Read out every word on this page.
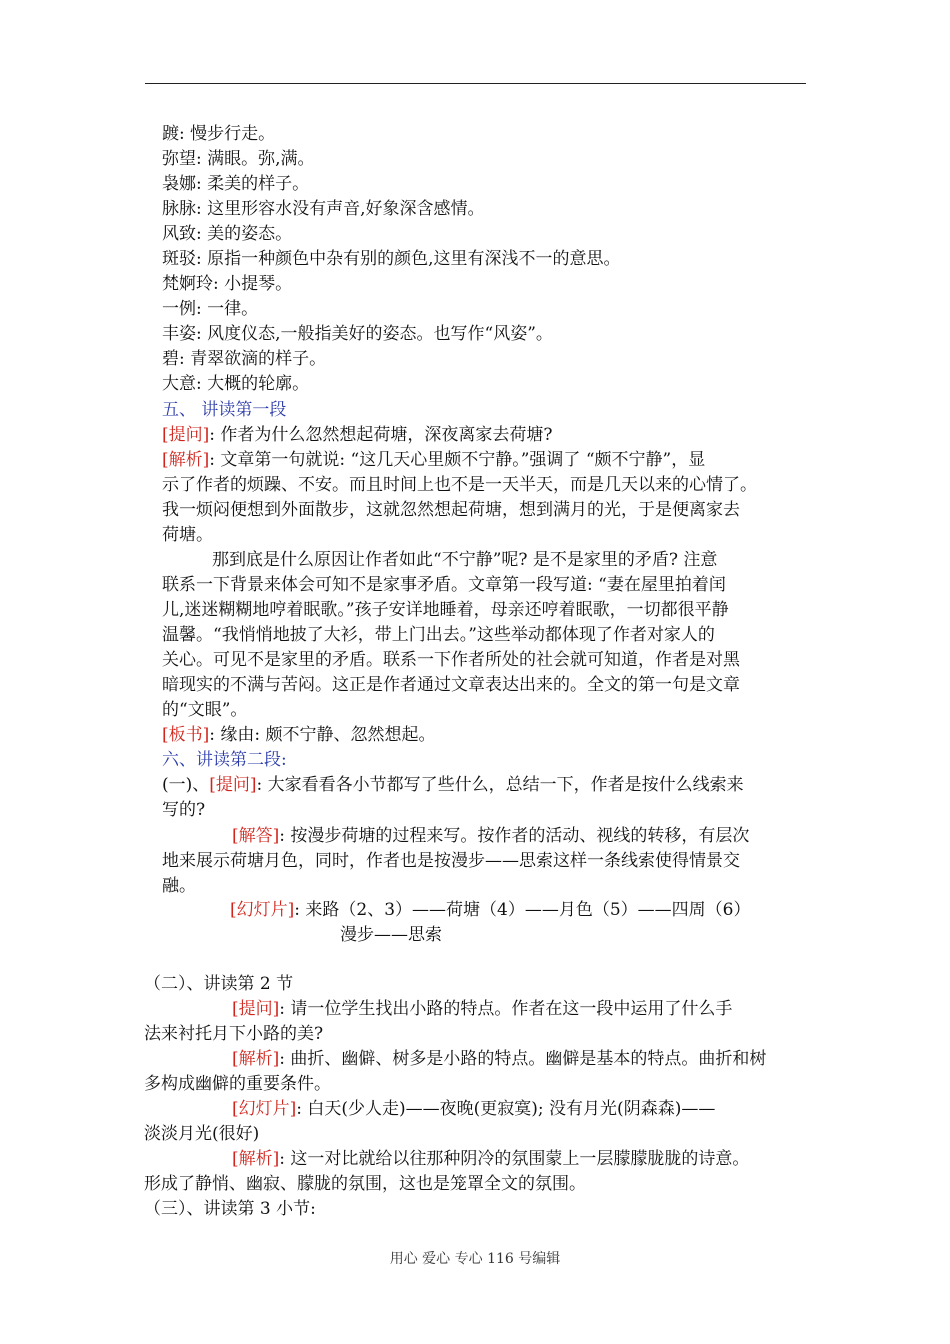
踱: 慢步行走。
弥望: 满眼。弥,满。
袅娜: 柔美的样子。
脉脉: 这里形容水没有声音,好象深含感情。
风致: 美的姿态。
斑驳: 原指一种颜色中杂有别的颜色,这里有深浅不一的意思。
梵婀玲: 小提琴。
一例: 一律。
丰姿: 风度仪态,一般指美好的姿态。也写作“风姿”。
碧: 青翠欲滴的样子。
大意: 大概的轮廓。
五、 讲读第一段
[提问]: 作者为什么忽然想起荷塘，深夜离家去荷塘?
[解析]: 文章第一句就说: “这几天心里颇不宁静。”强调了 “颇不宁静”，显
示了作者的烦躁、不安。而且时间上也不是一天半天，而是几天以来的心情了。
我一烦闷便想到外面散步，这就忽然想起荷塘，想到满月的光，于是便离家去
荷塘。
那到底是什么原因让作者如此“不宁静”呢? 是不是家里的矛盾? 注意
联系一下背景来体会可知不是家事矛盾。文章第一段写道: “妻在屋里拍着闰
儿,迷迷糊糊地哼着眠歌。”孩子安详地睡着，母亲还哼着眠歌，一切都很平静
温馨。“我悄悄地披了大衫，带上门出去。”这些举动都体现了作者对家人的
关心。可见不是家里的矛盾。联系一下作者所处的社会就可知道，作者是对黑
暗现实的不满与苦闷。这正是作者通过文章表达出来的。全文的第一句是文章
的“文眼”。
[板书]: 缘由: 颇不宁静、忽然想起。
六、讲读第二段:
(一)、[提问]: 大家看看各小节都写了些什么，总结一下，作者是按什么线索来
写的?
[解答]: 按漫步荷塘的过程来写。按作者的活动、视线的转移，有层次
地来展示荷塘月色，同时，作者也是按漫步——思索这样一条线索使得情景交
融。
[幻灯片]: 来路（2、3）——荷塘（4）——月色（5）——四周（6）
漫步——思索
（二）、讲读第 2 节
[提问]: 请一位学生找出小路的特点。作者在这一段中运用了什么手
法来衬托月下小路的美?
[解析]: 曲折、幽僻、树多是小路的特点。幽僻是基本的特点。曲折和树
多构成幽僻的重要条件。
[幻灯片]: 白天(少人走)——夜晚(更寂寞); 没有月光(阴森森)——
淡淡月光(很好)
[解析]: 这一对比就给以往那种阴冷的氛围蒙上一层朦朦胧胧的诗意。
形成了静悄、幽寂、朦胧的氛围，这也是笼罩全文的氛围。
（三）、讲读第 3 小节:
用心 爱心 专心 116 号编辑
